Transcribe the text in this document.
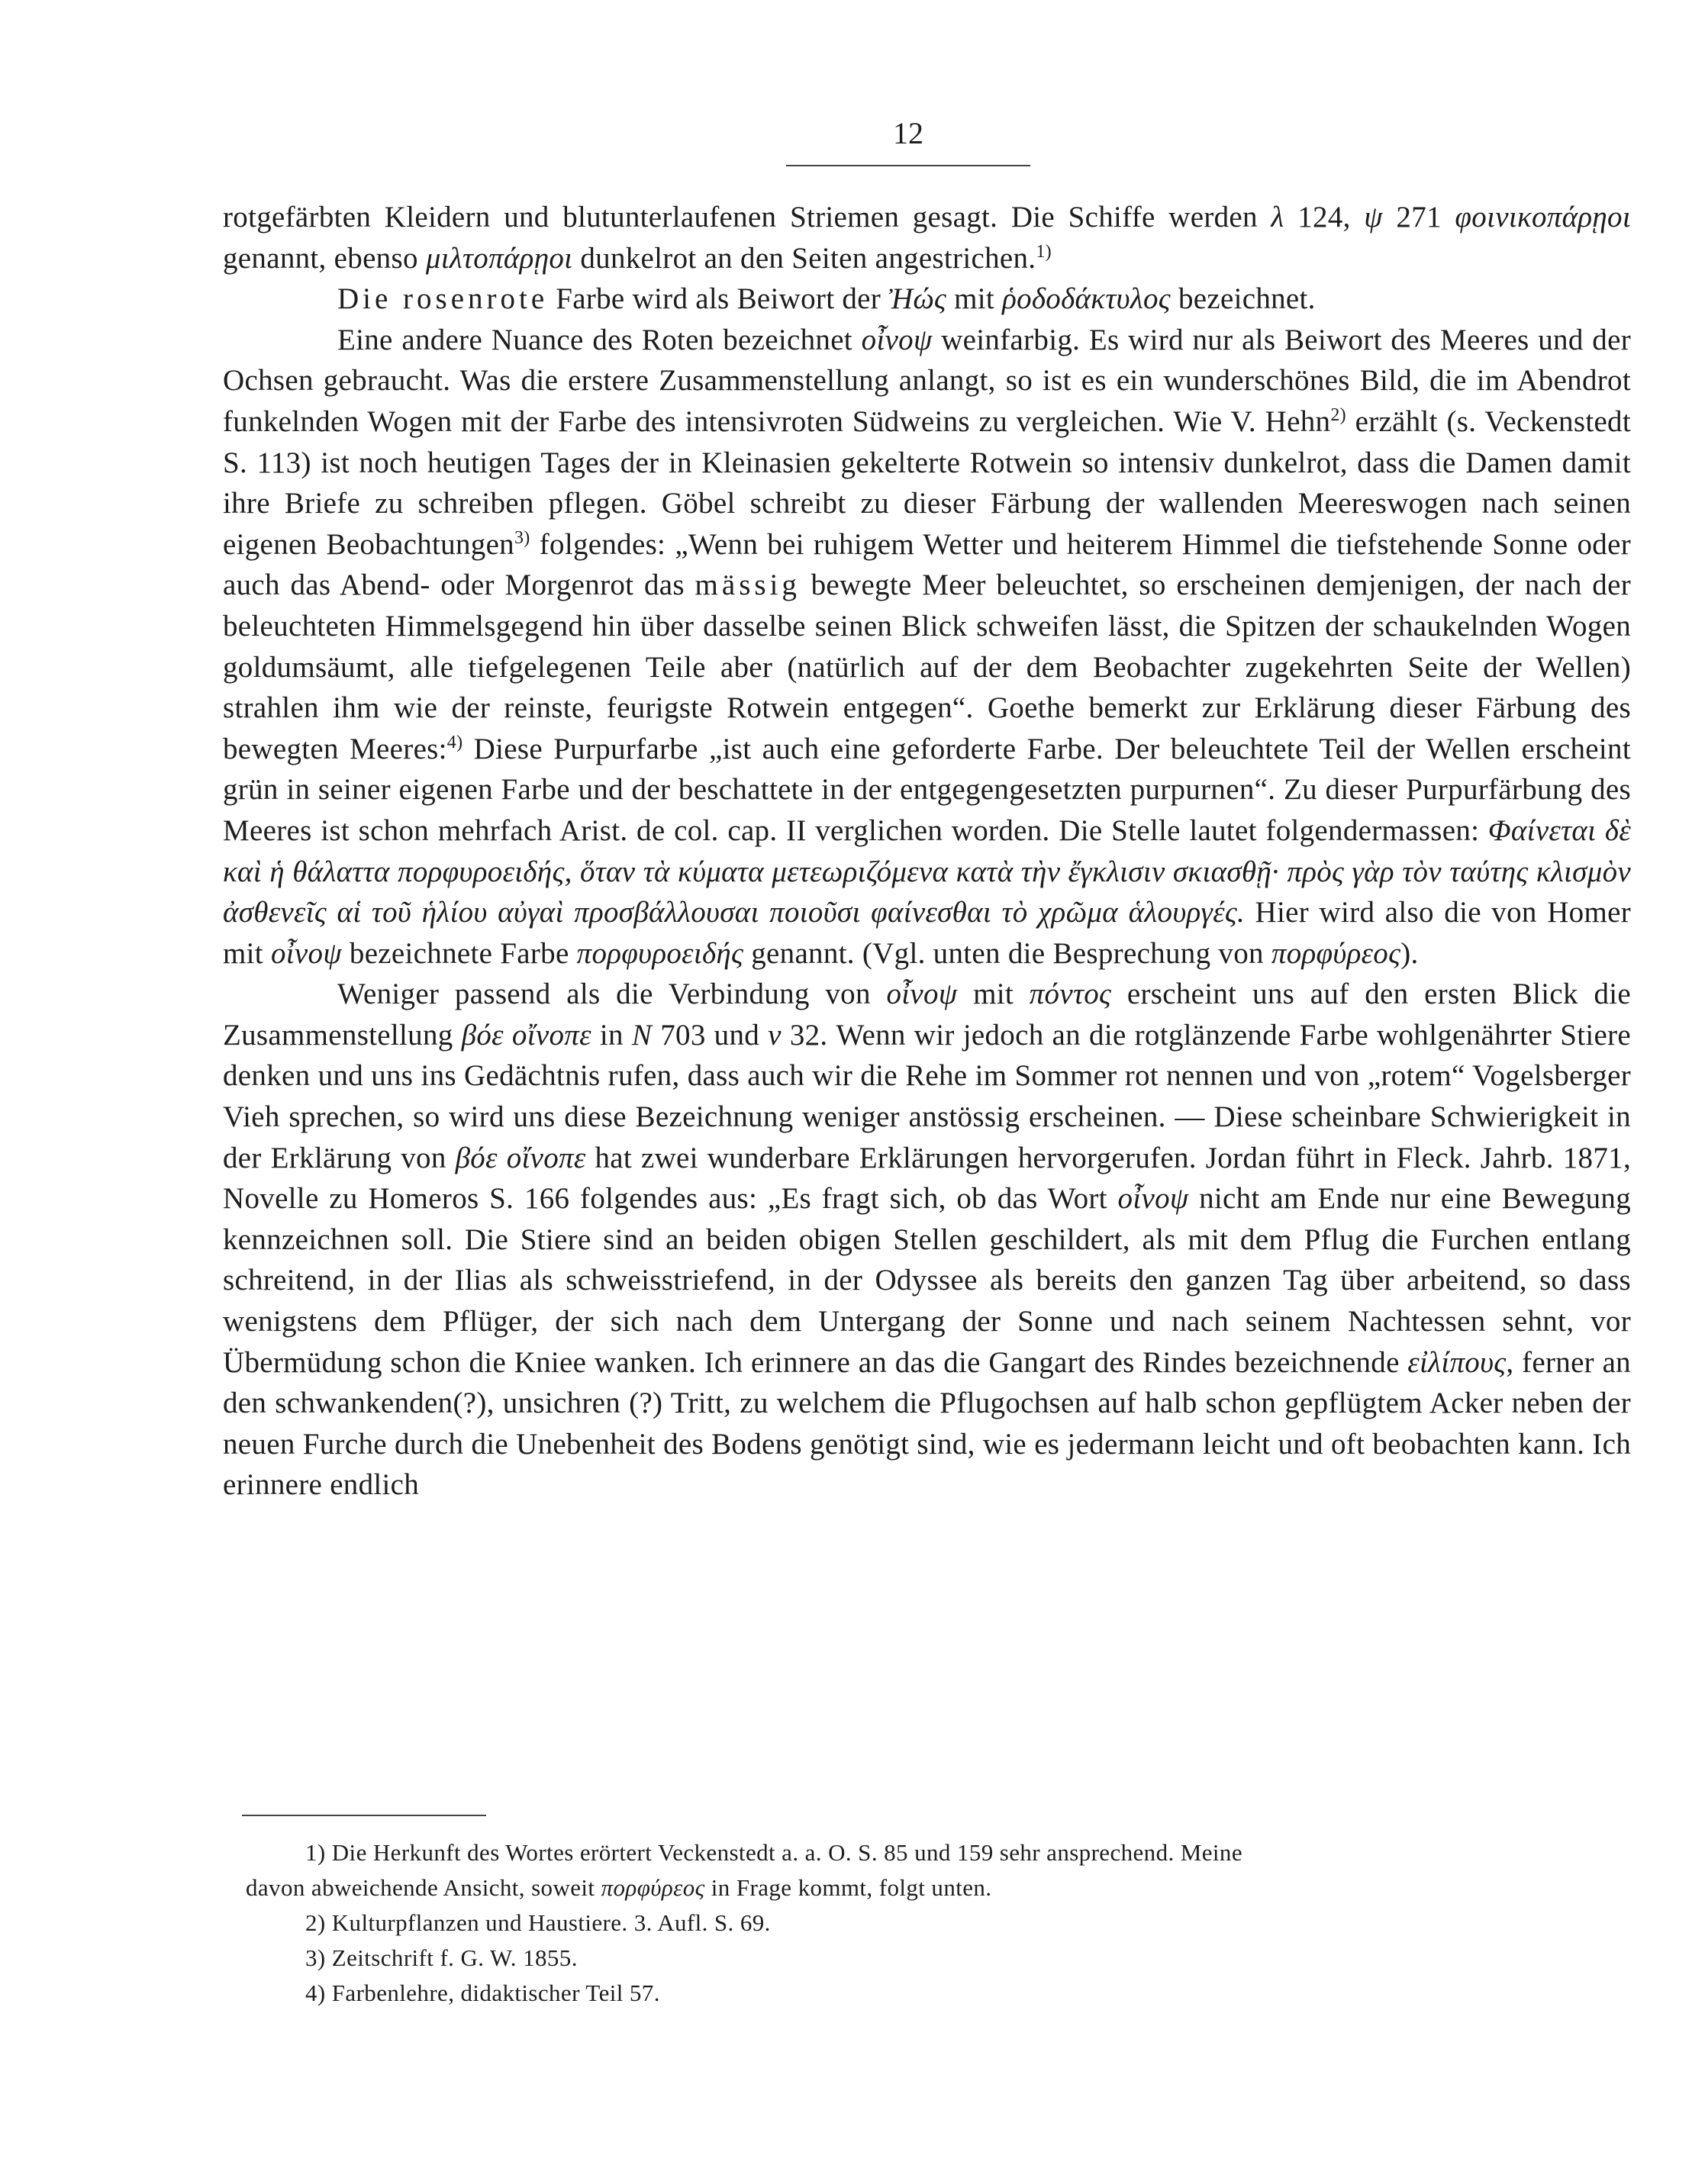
12

rotgefärbten Kleidern und blutunterlaufenen Striemen gesagt. Die Schiffe werden λ 124, ψ 271 φοινικοπάρῃοι genannt, ebenso μιλτοπάρῃοι dunkelrot an den Seiten angestrichen.$^{1)}$

Die rosenrote Farbe wird als Beiwort der Ἠώς mit ῥοδοδάκτυλος bezeichnet.

Eine andere Nuance des Roten bezeichnet οἶνοψ weinfarbig. Es wird nur als Beiwort des Meeres und der Ochsen gebraucht. Was die erstere Zusammenstellung anlangt, so ist es ein wunderschönes Bild, die im Abendrot funkelnden Wogen mit der Farbe des intensivroten Südweins zu vergleichen. Wie V. Hehn$^{2)}$ erzählt (s. Veckenstedt S. 113) ist noch heutigen Tages der in Kleinasien gekelterte Rotwein so intensiv dunkelrot, dass die Damen damit ihre Briefe zu schreiben pflegen. Göbel schreibt zu dieser Färbung der wallenden Meereswogen nach seinen eigenen Beobachtungen$^{3)}$ folgendes: „Wenn bei ruhigem Wetter und heiterem Himmel die tiefstehende Sonne oder auch das Abend- oder Morgenrot das mässig bewegte Meer beleuchtet, so erscheinen demjenigen, der nach der beleuchteten Himmelsgegend hin über dasselbe seinen Blick schweifen lässt, die Spitzen der schaukelnden Wogen goldumsäumt, alle tiefgelegenen Teile aber (natürlich auf der dem Beobachter zugekehrten Seite der Wellen) strahlen ihm wie der reinste, feurigste Rotwein entgegen“. Goethe bemerkt zur Erklärung dieser Färbung des bewegten Meeres:$^{4)}$ Diese Purpurfarbe „ist auch eine geforderte Farbe. Der beleuchtete Teil der Wellen erscheint grün in seiner eigenen Farbe und der beschattete in der entgegengesetzten purpurnen“. Zu dieser Purpurfärbung des Meeres ist schon mehrfach Arist. de col. cap. II verglichen worden. Die Stelle lautet folgendermassen: Φαίνεται δὲ καὶ ἡ θάλαττα πορφυροειδής, ὅταν τὰ κύματα μετεωριζόμενα κατὰ τὴν ἔγκλισιν σκιασθῇ· πρὸς γὰρ τὸν ταύτης κλισμὸν ἀσθενεῖς αἱ τοῦ ἡλίου αὐγαὶ προσβάλλουσαι ποιοῦσι φαίνεσθαι τὸ χρῶμα ἁλουργές. Hier wird also die von Homer mit οἶνοψ bezeichnete Farbe πορφυροειδής genannt. (Vgl. unten die Besprechung von πορφύρεος).

Weniger passend als die Verbindung von οἶνοψ mit πόντος erscheint uns auf den ersten Blick die Zusammenstellung βόε οἴνοπε in Ν 703 und ν 32. Wenn wir jedoch an die rotglänzende Farbe wohlgenährter Stiere denken und uns ins Gedächtnis rufen, dass auch wir die Rehe im Sommer rot nennen und von „rotem“ Vogelsberger Vieh sprechen, so wird uns diese Bezeichnung weniger anstössig erscheinen. — Diese scheinbare Schwierigkeit in der Erklärung von βόε οἴνοπε hat zwei wunderbare Erklärungen hervorgerufen. Jordan führt in Fleck. Jahrb. 1871, Novelle zu Homeros S. 166 folgendes aus: „Es fragt sich, ob das Wort οἶνοψ nicht am Ende nur eine Bewegung kennzeichnen soll. Die Stiere sind an beiden obigen Stellen geschildert, als mit dem Pflug die Furchen entlang schreitend, in der Ilias als schweisstriefend, in der Odyssee als bereits den ganzen Tag über arbeitend, so dass wenigstens dem Pflüger, der sich nach dem Untergang der Sonne und nach seinem Nachtessen sehnt, vor Übermüdung schon die Kniee wanken. Ich erinnere an das die Gangart des Rindes bezeichnende εἰλίπους, ferner an den schwankenden(?), unsichren (?) Tritt, zu welchem die Pflugochsen auf halb schon gepflügtem Acker neben der neuen Furche durch die Unebenheit des Bodens genötigt sind, wie es jedermann leicht und oft beobachten kann. Ich erinnere endlich

1) Die Herkunft des Wortes erörtert Veckenstedt a. a. O. S. 85 und 159 sehr ansprechend. Meine
davon abweichende Ansicht, soweit πορφύρεος in Frage kommt, folgt unten.

2) Kulturpflanzen und Haustiere. 3. Aufl. S. 69.

3) Zeitschrift f. G. W. 1855.

4) Farbenlehre, didaktischer Teil 57.
